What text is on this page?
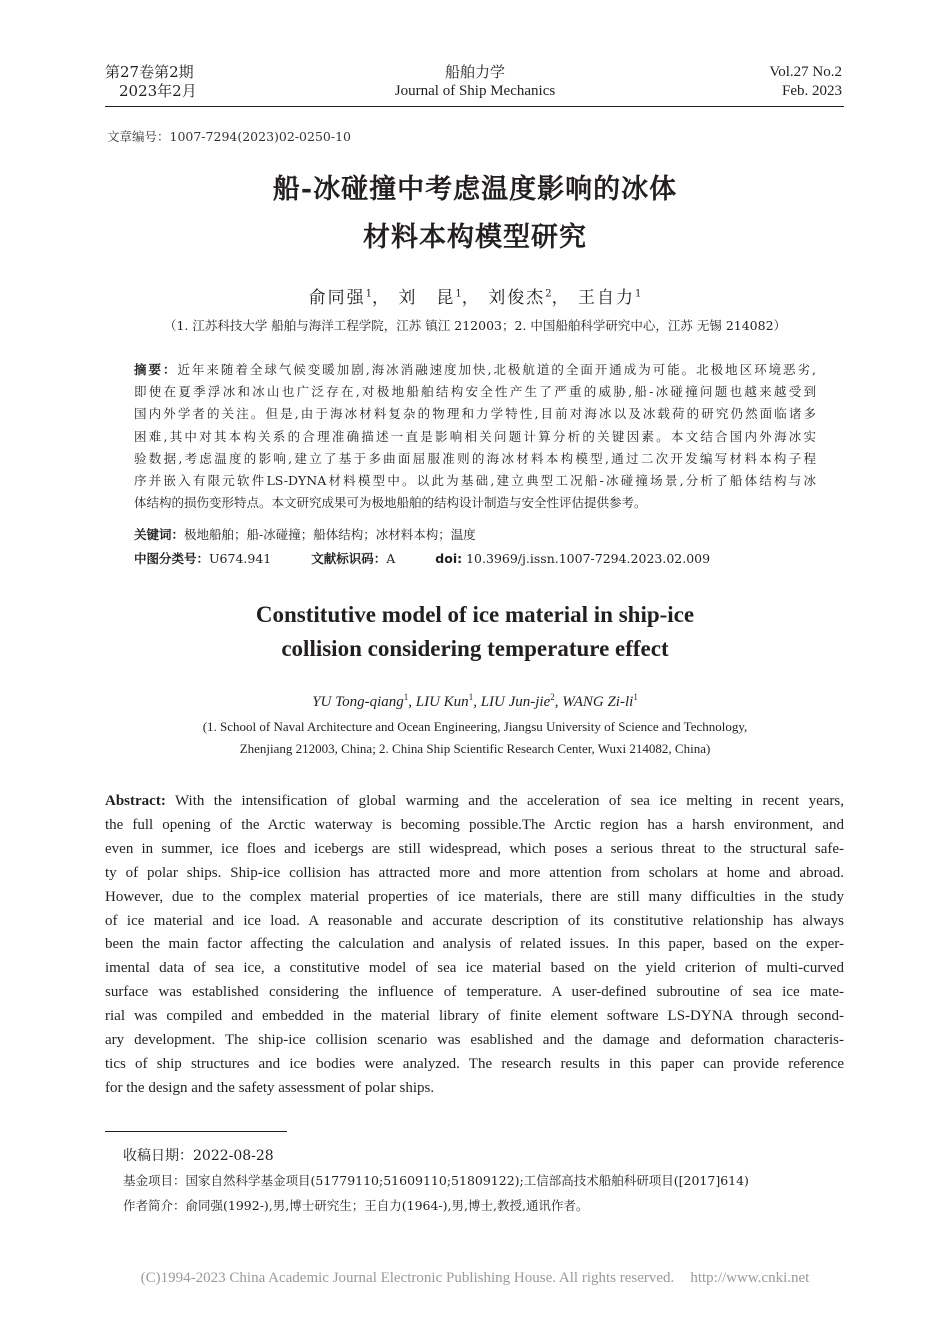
第27卷第2期
2023年2月
船舶力学
Journal of Ship Mechanics
Vol.27 No.2
Feb. 2023
文章编号：1007-7294(2023)02-0250-10
船-冰碰撞中考虑温度影响的冰体
材料本构模型研究
俞同强$^1$， 刘　昆$^1$， 刘俊杰$^2$， 王自力$^1$
（1. 江苏科技大学 船舶与海洋工程学院，江苏 镇江 212003；2. 中国船舶科学研究中心，江苏 无锡 214082）
摘要：近年来随着全球气候变暖加剧,海冰消融速度加快,北极航道的全面开通成为可能。北极地区环境恶劣,
即使在夏季浮冰和冰山也广泛存在,对极地船舶结构安全性产生了严重的威胁,船-冰碰撞问题也越来越受到
国内外学者的关注。但是,由于海冰材料复杂的物理和力学特性,目前对海冰以及冰载荷的研究仍然面临诸多
困难,其中对其本构关系的合理准确描述一直是影响相关问题计算分析的关键因素。本文结合国内外海冰实
验数据,考虑温度的影响,建立了基于多曲面屈服准则的海冰材料本构模型,通过二次开发编写材料本构子程
序并嵌入有限元软件LS-DYNA材料模型中。以此为基础,建立典型工况船-冰碰撞场景,分析了船体结构与冰
体结构的损伤变形特点。本文研究成果可为极地船舶的结构设计制造与安全性评估提供参考。
关键词：极地船舶；船-冰碰撞；船体结构；冰材料本构；温度
中图分类号：U674.941	文献标识码：A	doi: 10.3969/j.issn.1007-7294.2023.02.009
Constitutive model of ice material in ship-ice
collision considering temperature effect
YU Tong-qiang$^1$, LIU Kun$^1$, LIU Jun-jie$^2$, WANG $Zi-li^1$
(1. School of Naval Architecture and Ocean Engineering, Jiangsu University of Science and Technology,
Zhenjiang 212003, China; 2. China Ship Scientific Research Center, Wuxi 214082, China)
Abstract: With the intensification of global warming and the acceleration of sea ice melting in recent years,
the full opening of the Arctic waterway is becoming possible.The Arctic region has a harsh environment, and
even in summer, ice floes and icebergs are still widespread, which poses a serious threat to the structural safe-
ty of polar ships. Ship-ice collision has attracted more and more attention from scholars at home and abroad.
However, due to the complex material properties of ice materials, there are still many difficulties in the study
of ice material and ice load. A reasonable and accurate description of its constitutive relationship has always
been the main factor affecting the calculation and analysis of related issues. In this paper, based on the exper-
imental data of sea ice, a constitutive model of sea ice material based on the yield criterion of multi-curved
surface was established considering the influence of temperature. A user-defined subroutine of sea ice mate-
rial was compiled and embedded in the material library of finite element software LS-DYNA through second-
ary development. The ship-ice collision scenario was esablished and the damage and deformation characteris-
tics of ship structures and ice bodies were analyzed. The research results in this paper can provide reference
for the design and the safety assessment of polar ships.
收稿日期：2022-08-28
基金项目：国家自然科学基金项目(51779110;51609110;51809122);工信部高技术船舶科研项目([2017]614)
作者简介：俞同强(1992-),男,博士研究生；王自力(1964-),男,博士,教授,通讯作者。
(C)1994-2023 China Academic Journal Electronic Publishing House. All rights reserved. http://www.cnki.net
